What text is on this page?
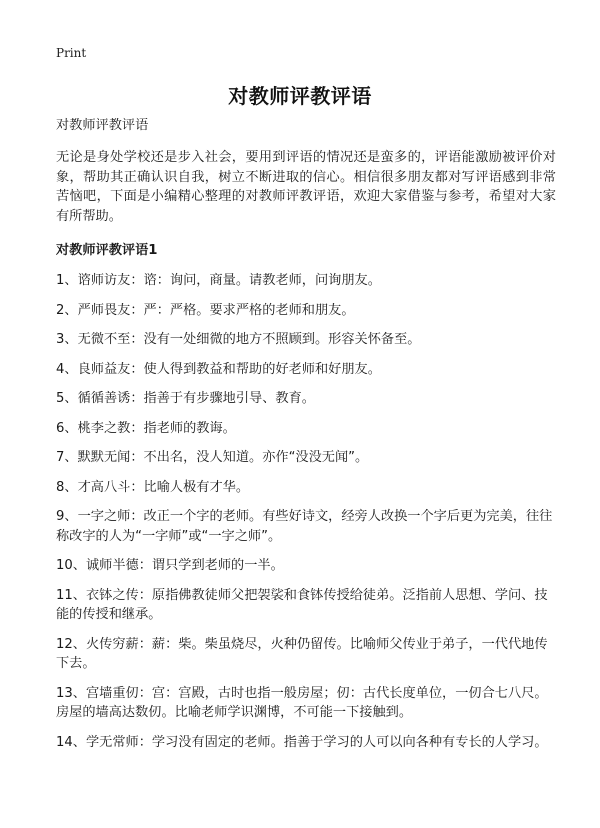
Print
对教师评教评语

对教师评教评语

无论是身处学校还是步入社会，要用到评语的情况还是蛮多的，评语能激励被评价对象，帮助其正确认识自我，树立不断进取的信心。相信很多朋友都对写评语感到非常苦恼吧，下面是小编精心整理的对教师评教评语，欢迎大家借鉴与参考，希望对大家有所帮助。

对教师评教评语1

1、谘师访友：谘：询问，商量。请教老师，问询朋友。

2、严师畏友：严：严格。要求严格的老师和朋友。

3、无微不至：没有一处细微的地方不照顾到。形容关怀备至。

4、良师益友：使人得到教益和帮助的好老师和好朋友。

5、循循善诱：指善于有步骤地引导、教育。

6、桃李之教：指老师的教诲。

7、默默无闻：不出名，没人知道。亦作“没没无闻”。

8、才高八斗：比喻人极有才华。

9、一字之师：改正一个字的老师。有些好诗文，经旁人改换一个字后更为完美，往往称改字的人为“一字师”或“一字之师”。

10、诚师半德：谓只学到老师的一半。

11、衣钵之传：原指佛教徒师父把袈裟和食钵传授给徒弟。泛指前人思想、学问、技能的传授和继承。

12、火传穷薪：薪：柴。柴虽烧尽，火种仍留传。比喻师父传业于弟子，一代代地传下去。

13、宫墙重仞：宫：宫殿，古时也指一般房屋；仞：古代长度单位，一仞合七八尺。房屋的墙高达数仞。比喻老师学识渊博，不可能一下接触到。

14、学无常师：学习没有固定的老师。指善于学习的人可以向各种有专长的人学习。
